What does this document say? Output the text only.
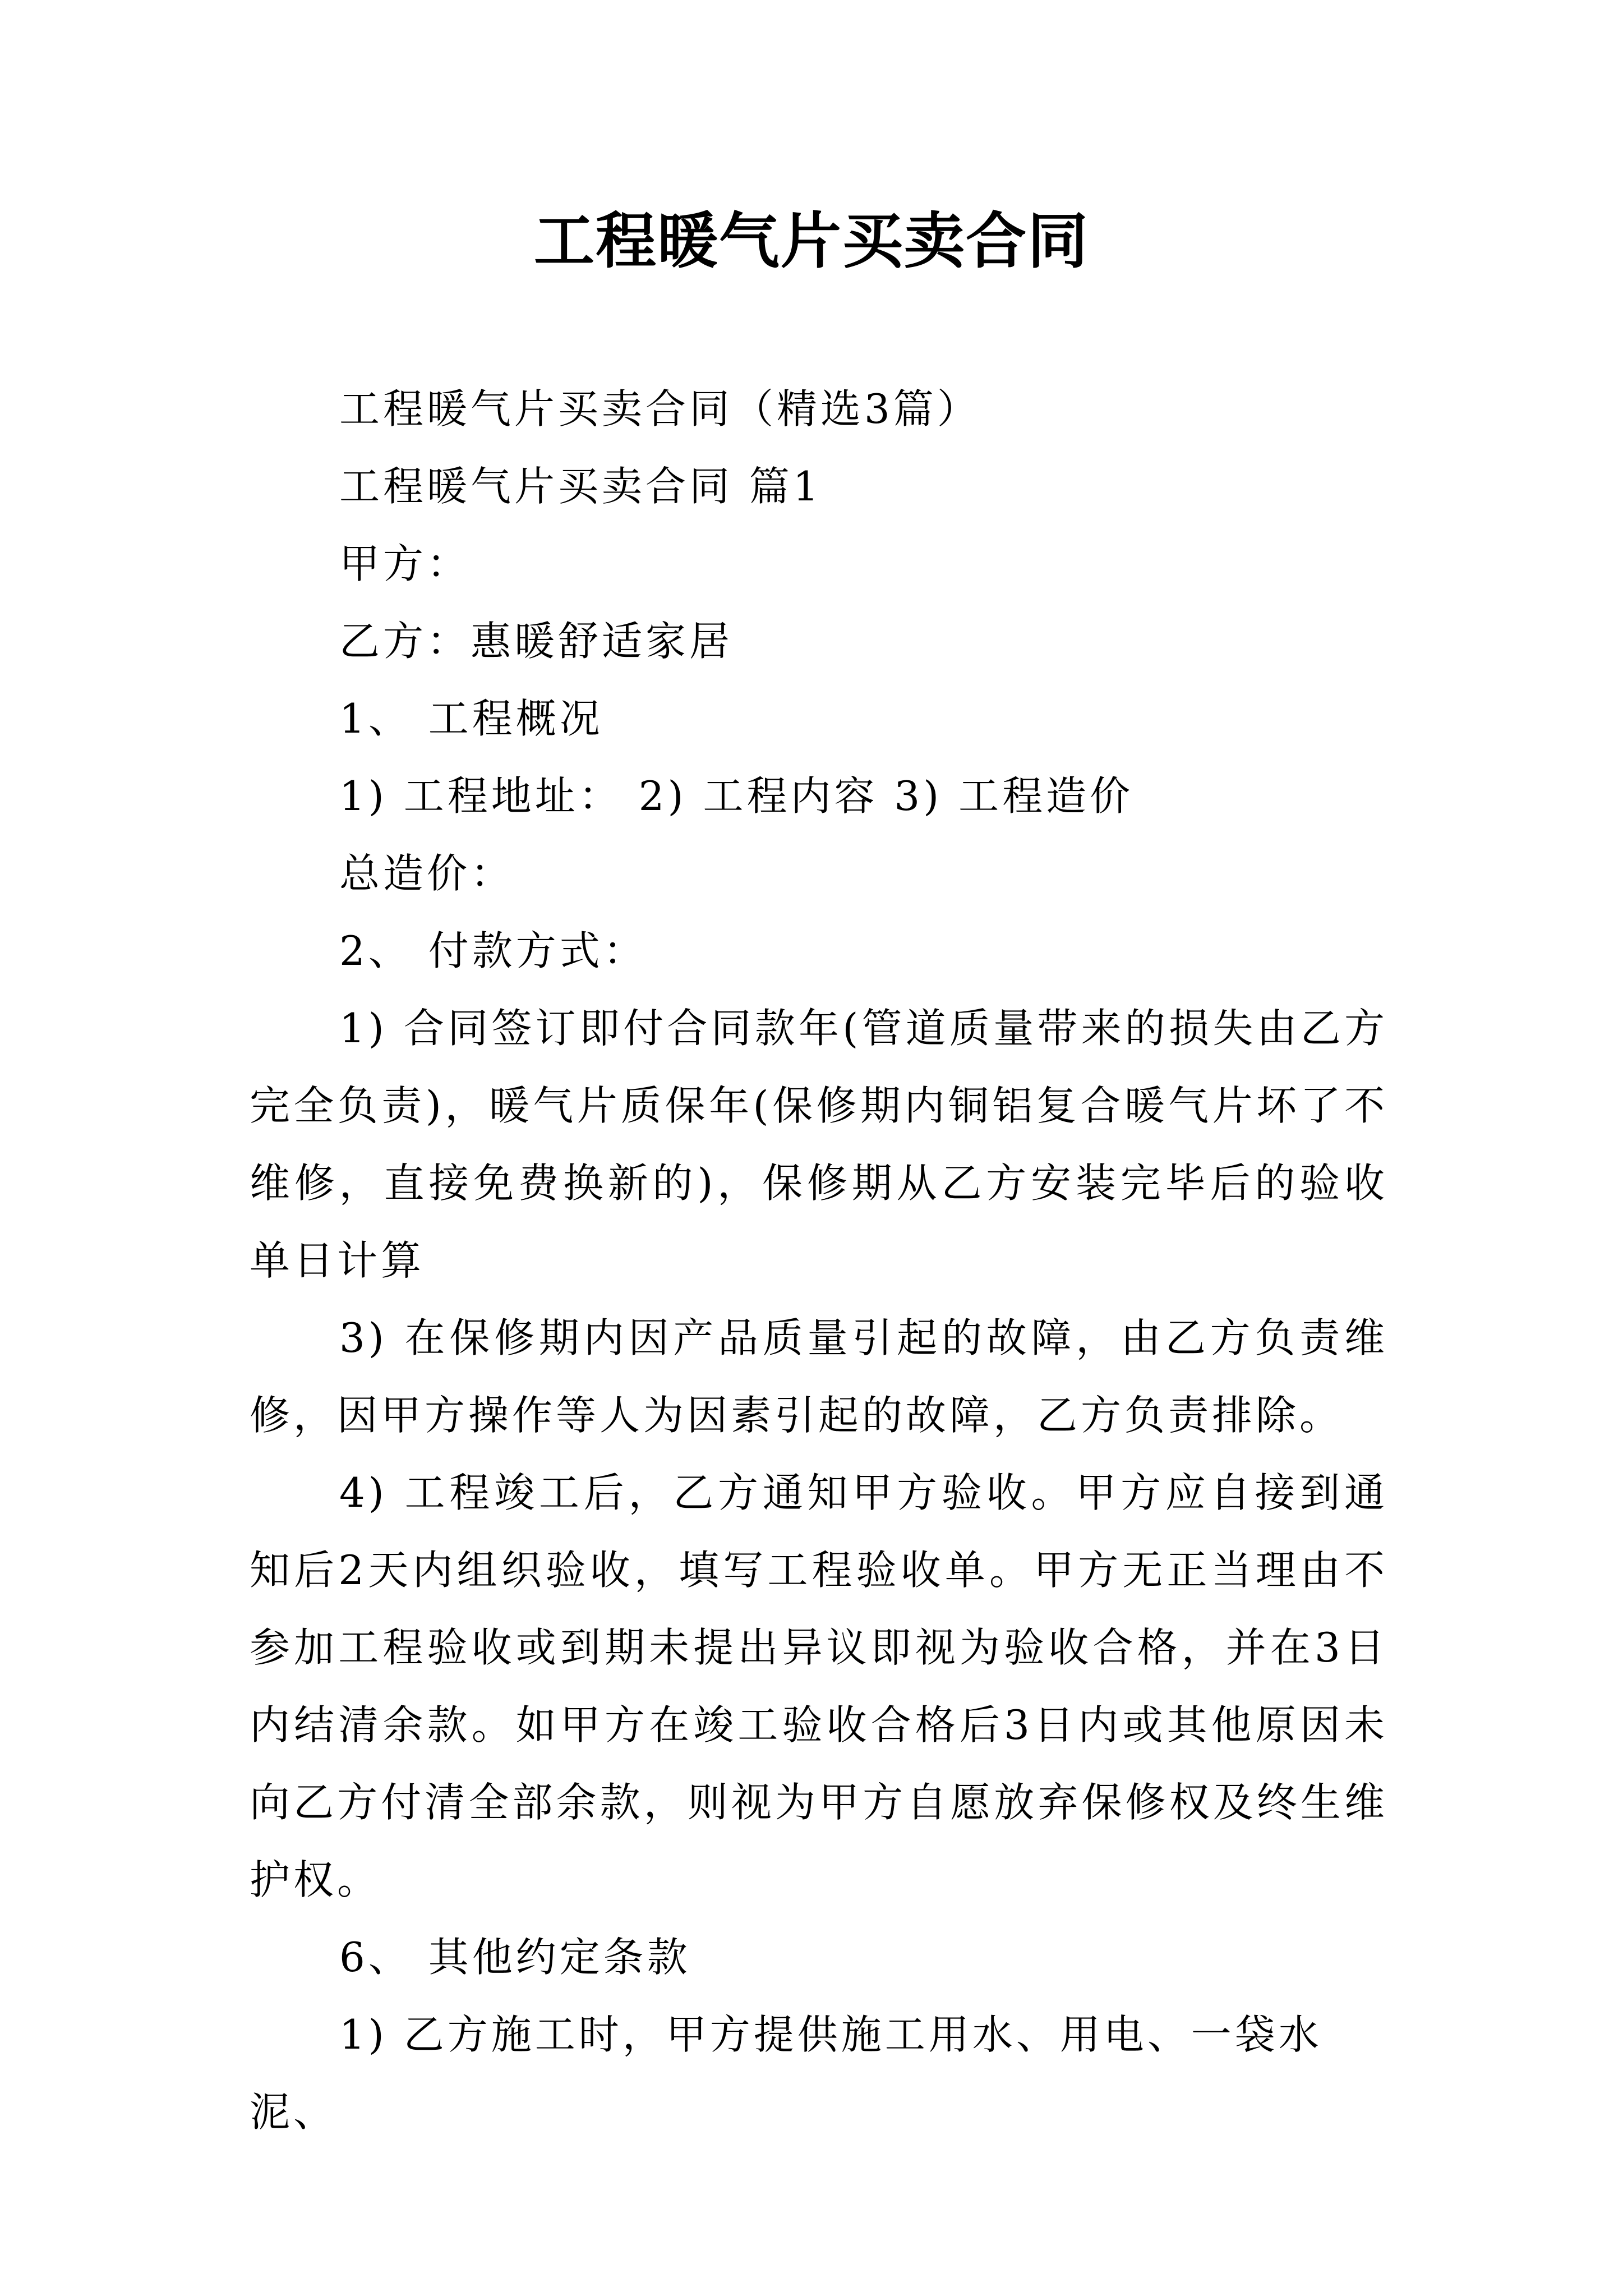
工程暖气片买卖合同

工程暖气片买卖合同（精选3篇）

工程暖气片买卖合同 篇1

甲方：

乙方：惠暖舒适家居

1、 工程概况

1) 工程地址： 2) 工程内容 3) 工程造价

总造价：

2、 付款方式：

1) 合同签订即付合同款年(管道质量带来的损失由乙方完全负责)，暖气片质保年(保修期内铜铝复合暖气片坏了不维修，直接免费换新的)，保修期从乙方安装完毕后的验收单日计算

3) 在保修期内因产品质量引起的故障，由乙方负责维修，因甲方操作等人为因素引起的故障，乙方负责排除。

4) 工程竣工后，乙方通知甲方验收。甲方应自接到通知后2天内组织验收，填写工程验收单。甲方无正当理由不参加工程验收或到期未提出异议即视为验收合格，并在3日内结清余款。如甲方在竣工验收合格后3日内或其他原因未向乙方付清全部余款，则视为甲方自愿放弃保修权及终生维护权。

6、 其他约定条款

1) 乙方施工时，甲方提供施工用水、用电、一袋水泥、
